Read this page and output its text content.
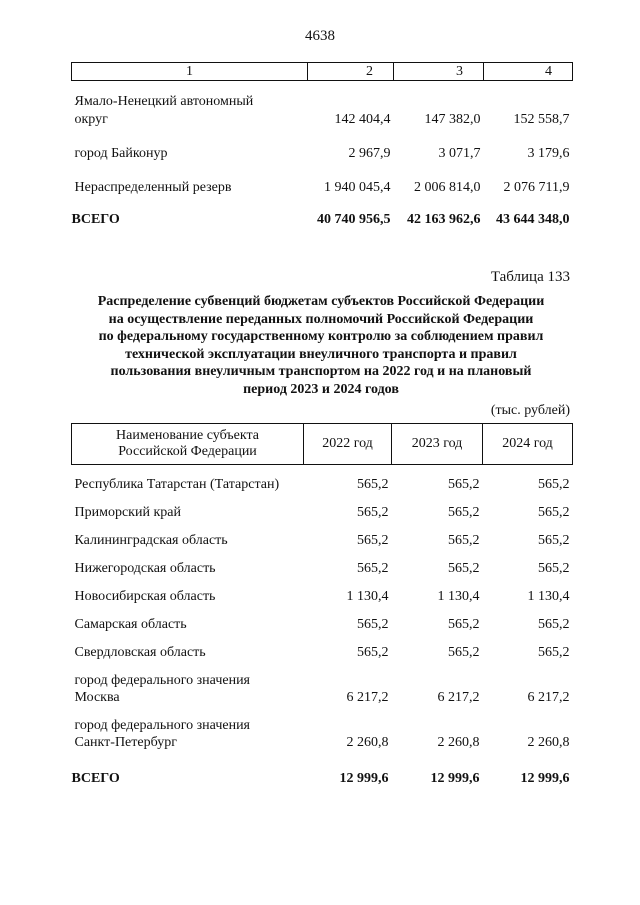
4638
1	2	3	4
Ямало-Ненецкий автономный
округ	142 404,4	147 382,0	152 558,7
город Байконур	2 967,9	3 071,7	3 179,6
Нераспределенный резерв	1 940 045,4	2 006 814,0	2 076 711,9
ВСЕГО	40 740 956,5	42 163 962,6	43 644 348,0
Таблица 133
Распределение субвенций бюджетам субъектов Российской Федерации
на осуществление переданных полномочий Российской Федерации
по федеральному государственному контролю за соблюдением правил
технической эксплуатации внеуличного транспорта и правил
пользования внеуличным транспортом на 2022 год и на плановый
период 2023 и 2024 годов
(тыс. рублей)
Наименование субъекта
Российской Федерации	2022 год	2023 год	2024 год
Республика Татарстан (Татарстан)	565,2	565,2	565,2
Приморский край	565,2	565,2	565,2
Калининградская область	565,2	565,2	565,2
Нижегородская область	565,2	565,2	565,2
Новосибирская область	1 130,4	1 130,4	1 130,4
Самарская область	565,2	565,2	565,2
Свердловская область	565,2	565,2	565,2
город федерального значения
Москва	6 217,2	6 217,2	6 217,2
город федерального значения
Санкт-Петербург	2 260,8	2 260,8	2 260,8
ВСЕГО	12 999,6	12 999,6	12 999,6
